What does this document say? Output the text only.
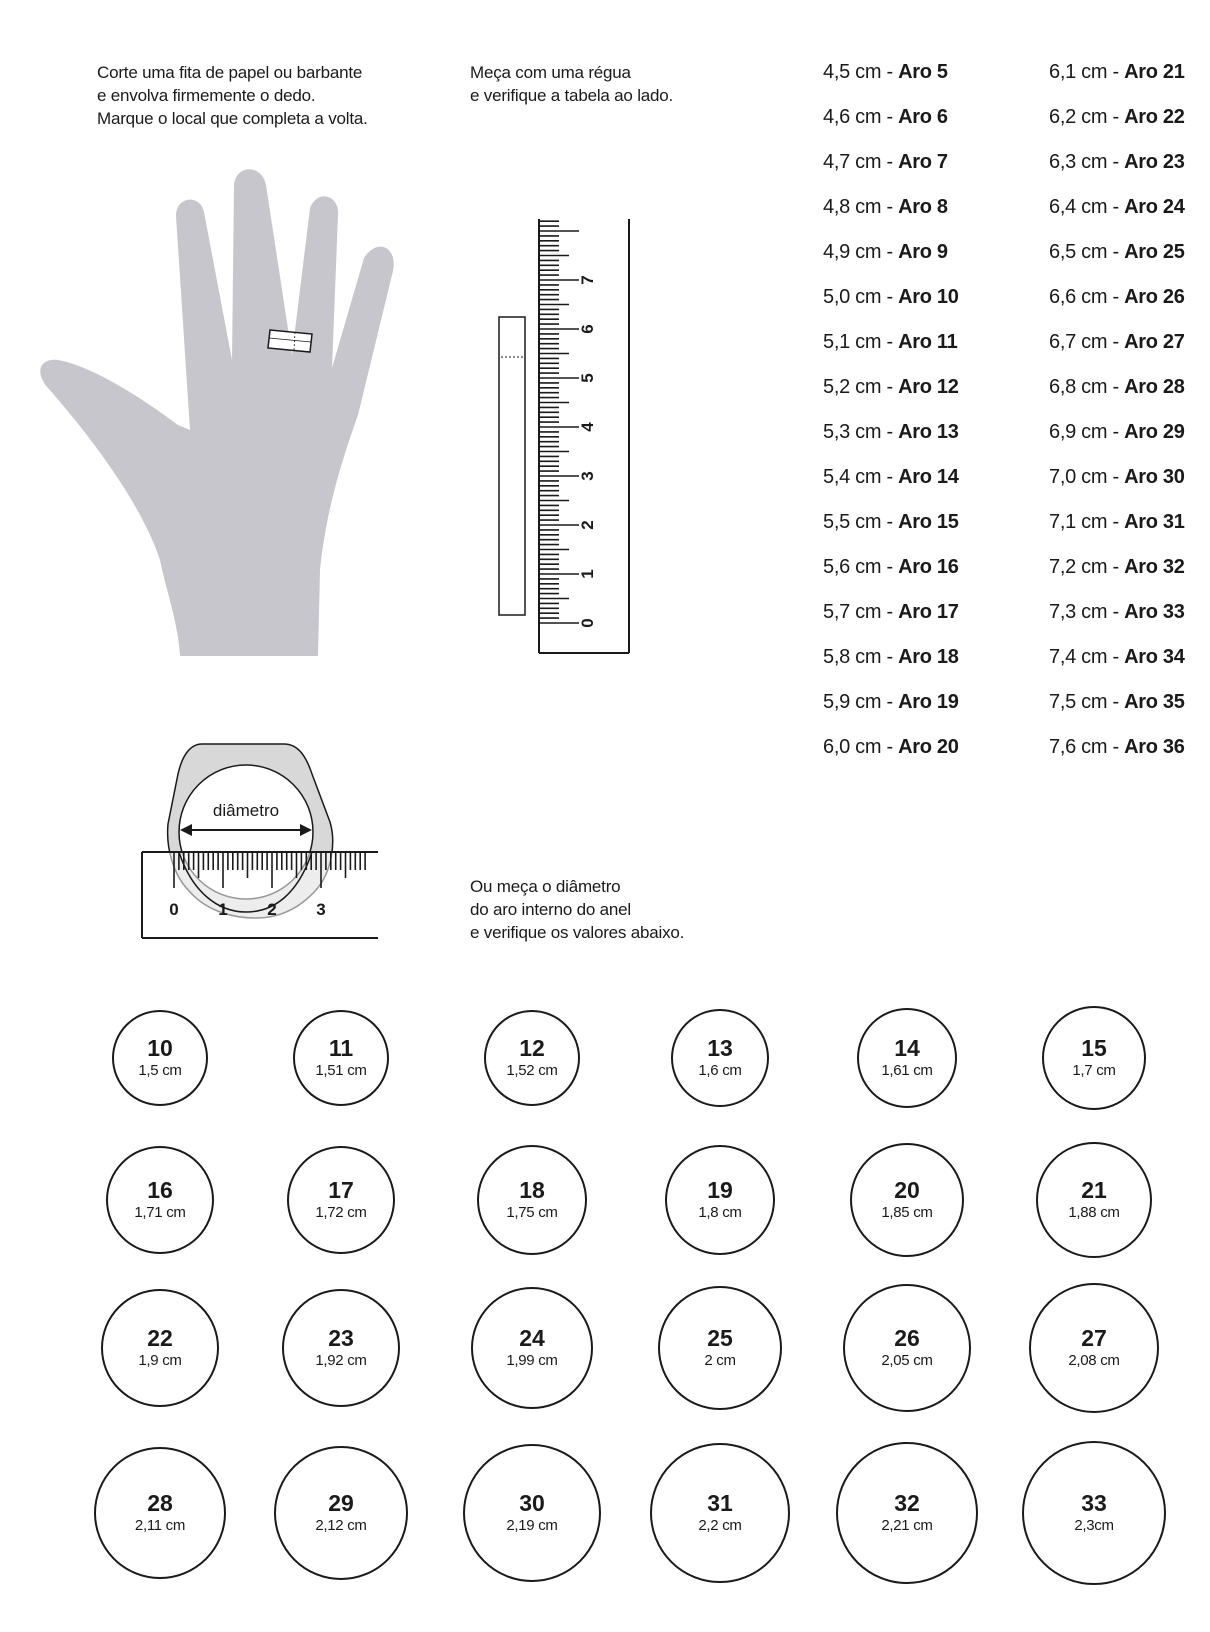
Corte uma fita de papel ou barbante
e envolva firmemente o dedo.
Marque o local que completa a volta.
Meça com uma régua
e verifique a tabela ao lado.
Ou meça o diâmetro
do aro interno do anel
e verifique os valores abaixo.
0
1
2
3
4
5
6
7
diâmetro
0 1 2 3
4,5 cm - Aro 5
4,6 cm - Aro 6
4,7 cm - Aro 7
4,8 cm - Aro 8
4,9 cm - Aro 9
5,0 cm - Aro 10
5,1 cm - Aro 11
5,2 cm - Aro 12
5,3 cm - Aro 13
5,4 cm - Aro 14
5,5 cm - Aro 15
5,6 cm - Aro 16
5,7 cm - Aro 17
5,8 cm - Aro 18
5,9 cm - Aro 19
6,0 cm - Aro 20
6,1 cm - Aro 21
6,2 cm - Aro 22
6,3 cm - Aro 23
6,4 cm - Aro 24
6,5 cm - Aro 25
6,6 cm - Aro 26
6,7 cm - Aro 27
6,8 cm - Aro 28
6,9 cm - Aro 29
7,0 cm - Aro 30
7,1 cm - Aro 31
7,2 cm - Aro 32
7,3 cm - Aro 33
7,4 cm - Aro 34
7,5 cm - Aro 35
7,6 cm - Aro 36
10
1,5 cm
11
1,51 cm
12
1,52 cm
13
1,6 cm
14
1,61 cm
15
1,7 cm
16
1,71 cm
17
1,72 cm
18
1,75 cm
19
1,8 cm
20
1,85 cm
21
1,88 cm
22
1,9 cm
23
1,92 cm
24
1,99 cm
25
2 cm
26
2,05 cm
27
2,08 cm
28
2,11 cm
29
2,12 cm
30
2,19 cm
31
2,2 cm
32
2,21 cm
33
2,3cm
